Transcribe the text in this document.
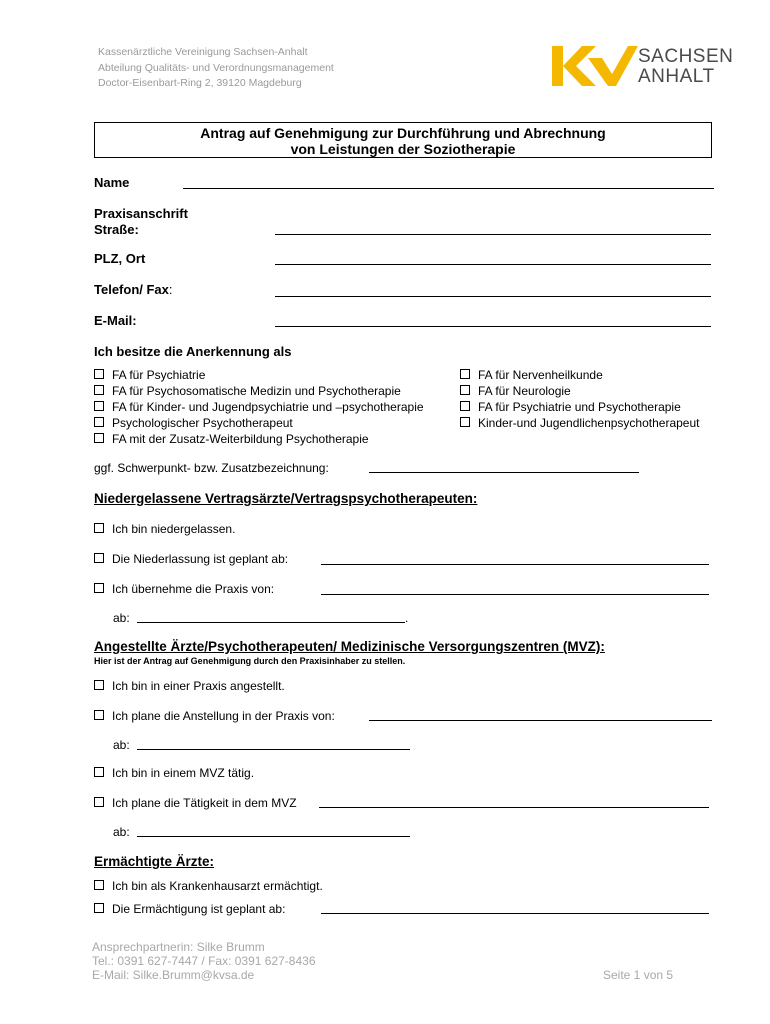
Kassenärztliche Vereinigung Sachsen-Anhalt
Abteilung Qualitäts- und Verordnungsmanagement
Doctor-Eisenbart-Ring 2, 39120 Magdeburg
SACHSEN
ANHALT
Antrag auf Genehmigung zur Durchführung und Abrechnung
von Leistungen der Soziotherapie
Name
Praxisanschrift
Straße:
PLZ, Ort
Telefon/ Fax:
E-Mail:
Ich besitze die Anerkennung als
FA für Psychiatrie
FA für Psychosomatische Medizin und Psychotherapie
FA für Kinder- und Jugendpsychiatrie und –psychotherapie
Psychologischer Psychotherapeut
FA mit der Zusatz-Weiterbildung Psychotherapie
FA für Nervenheilkunde
FA für Neurologie
FA für Psychiatrie und Psychotherapie
Kinder-und Jugendlichenpsychotherapeut
ggf. Schwerpunkt- bzw. Zusatzbezeichnung:
Niedergelassene Vertragsärzte/Vertragspsychotherapeuten:
Ich bin niedergelassen.
Die Niederlassung ist geplant ab:
Ich übernehme die Praxis von:
ab:	.
Angestellte Ärzte/Psychotherapeuten/ Medizinische Versorgungszentren (MVZ):
Hier ist der Antrag auf Genehmigung durch den Praxisinhaber zu stellen.
Ich bin in einer Praxis angestellt.
Ich plane die Anstellung in der Praxis von:
ab:
Ich bin in einem MVZ tätig.
Ich plane die Tätigkeit in dem MVZ
ab:
Ermächtigte Ärzte:
Ich bin als Krankenhausarzt ermächtigt.
Die Ermächtigung ist geplant ab:
Ansprechpartnerin: Silke Brumm
Tel.: 0391 627-7447 / Fax: 0391 627-8436
E-Mail: Silke.Brumm@kvsa.de	Seite 1 von 5
